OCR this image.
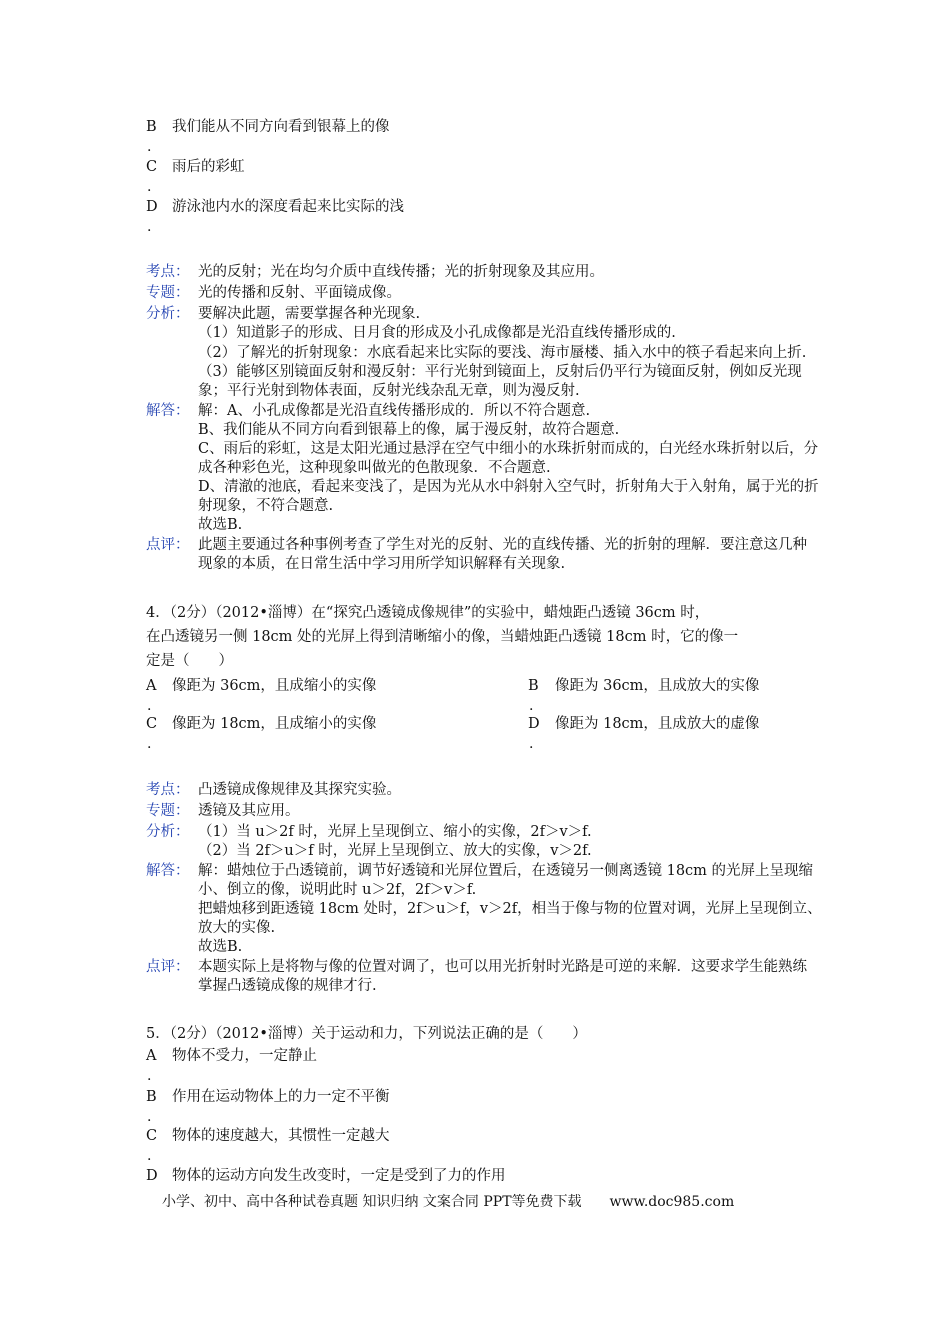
B 我们能从不同方向看到银幕上的像
.
C 雨后的彩虹
.
D 游泳池内水的深度看起来比实际的浅
.
考点： 光的反射；光在均匀介质中直线传播；光的折射现象及其应用。
专题： 光的传播和反射、平面镜成像。
分析： 要解决此题，需要掌握各种光现象.
（1）知道影子的形成、日月食的形成及小孔成像都是光沿直线传播形成的.
（2）了解光的折射现象：水底看起来比实际的要浅、海市蜃楼、插入水中的筷子看起来向上折.
（3）能够区别镜面反射和漫反射：平行光射到镜面上，反射后仍平行为镜面反射，例如反光现
象；平行光射到物体表面，反射光线杂乱无章，则为漫反射.
解答： 解：A、小孔成像都是光沿直线传播形成的．所以不符合题意.
B、我们能从不同方向看到银幕上的像，属于漫反射，故符合题意.
C、雨后的彩虹，这是太阳光通过悬浮在空气中细小的水珠折射而成的，白光经水珠折射以后，分
成各种彩色光，这种现象叫做光的色散现象．不合题意.
D、清澈的池底，看起来变浅了，是因为光从水中斜射入空气时，折射角大于入射角，属于光的折
射现象，不符合题意.
故选B.
点评： 此题主要通过各种事例考查了学生对光的反射、光的直线传播、光的折射的理解．要注意这几种
现象的本质，在日常生活中学习用所学知识解释有关现象.
4．（2分）（2012•淄博）在“探究凸透镜成像规律”的实验中，蜡烛距凸透镜 36cm 时，
在凸透镜另一侧 18cm 处的光屏上得到清晰缩小的像，当蜡烛距凸透镜 18cm 时，它的像一
定是（　　）
A 像距为 36cm，且成缩小的实像
.
B 像距为 36cm，且成放大的实像
.
C 像距为 18cm，且成缩小的实像
.
D 像距为 18cm，且成放大的虚像
.
考点： 凸透镜成像规律及其探究实验。
专题： 透镜及其应用。
分析： （1）当 u＞2f 时，光屏上呈现倒立、缩小的实像，2f＞v＞f.
（2）当 2f＞u＞f 时，光屏上呈现倒立、放大的实像，v＞2f.
解答： 解：蜡烛位于凸透镜前，调节好透镜和光屏位置后，在透镜另一侧离透镜 18cm 的光屏上呈现缩
小、倒立的像，说明此时 u＞2f，2f＞v＞f.
把蜡烛移到距透镜 18cm 处时，2f＞u＞f，v＞2f，相当于像与物的位置对调，光屏上呈现倒立、
放大的实像.
故选B.
点评： 本题实际上是将物与像的位置对调了，也可以用光折射时光路是可逆的来解．这要求学生能熟练
掌握凸透镜成像的规律才行.
5．（2分）（2012•淄博）关于运动和力，下列说法正确的是（　　）
A 物体不受力，一定静止
.
B 作用在运动物体上的力一定不平衡
.
C 物体的速度越大，其惯性一定越大
.
D 物体的运动方向发生改变时，一定是受到了力的作用
小学、初中、高中各种试卷真题 知识归纳 文案合同 PPT等免费下载　　www.doc985.com
